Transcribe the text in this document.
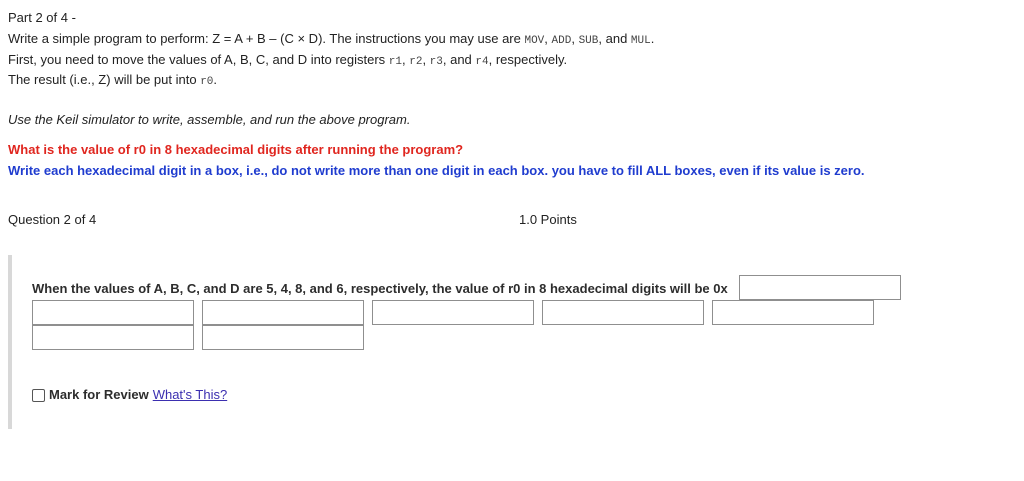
Part 2 of 4 -
Write a simple program to perform: Z = A + B – (C × D). The instructions you may use are MOV, ADD, SUB, and MUL.
First, you need to move the values of A, B, C, and D into registers r1, r2, r3, and r4, respectively.
The result (i.e., Z) will be put into r0.
Use the Keil simulator to write, assemble, and run the above program.
What is the value of r0 in 8 hexadecimal digits after running the program?
Write each hexadecimal digit in a box, i.e., do not write more than one digit in each box. you have to fill ALL boxes, even if its value is zero.
Question 2 of 4	1.0 Points
When the values of A, B, C, and D are 5, 4, 8, and 6, respectively, the value of r0 in 8 hexadecimal digits will be 0x
Mark for Review What's This?
